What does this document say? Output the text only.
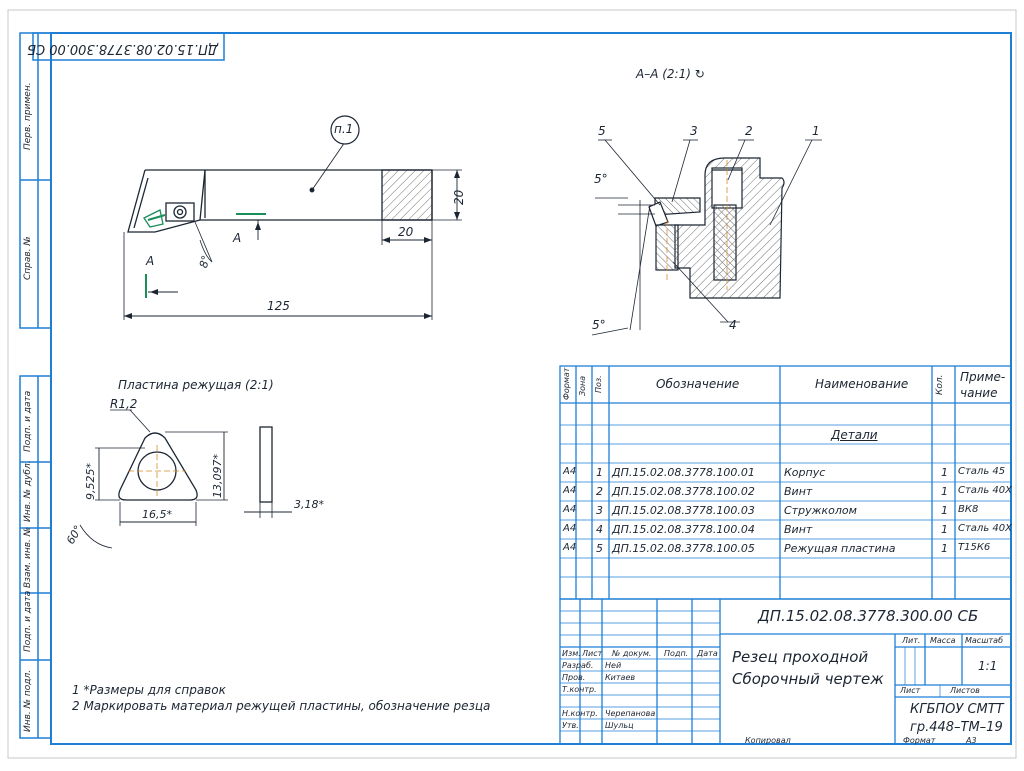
ДП.15.02.08.3778.300.00 СБ
Перв. примен.
Справ. №
Подп. и дата
Инв. № дубл.
Взам. инв. №
Подп. и дата
Инв. № подл.
п.1
20
20
125
8°
A
A
A–A (2:1) ↻
5	3	2	1
4
5°
5°
Пластина режущая (2:1)
R1,2
9,525*	13,097*
16,5*
60°
3,18*
1 *Размеры для справок
2 Маркировать материал режущей пластины, обозначение резца
Формат Зона Поз.	Обозначение	Наименование	Кол. Приме-
чание
Детали
A4 1 ДП.15.02.08.3778.100.01	Корпус	1 Сталь 45
A4 2 ДП.15.02.08.3778.100.02	Винт	1 Сталь 40Х
A4 3 ДП.15.02.08.3778.100.03	Стружколом	1 ВК8
A4 4 ДП.15.02.08.3778.100.04	Винт	1 Сталь 40Х
A4 5 ДП.15.02.08.3778.100.05	Режущая пластина	1 Т15К6
ДП.15.02.08.3778.300.00 СБ
Резец проходной
Сборочный чертеж
Изм. Лист № докум. Подп. Дата
Разраб. Ней
Пров. Китаев
Т.контр.
Н.контр. Черепанова
Утв.	Шульц
Лит. Масса Масштаб
1:1
Лист	Листов
КГБПОУ СМТТ
гр.448–ТМ–19
Копировал	Формат	A3
